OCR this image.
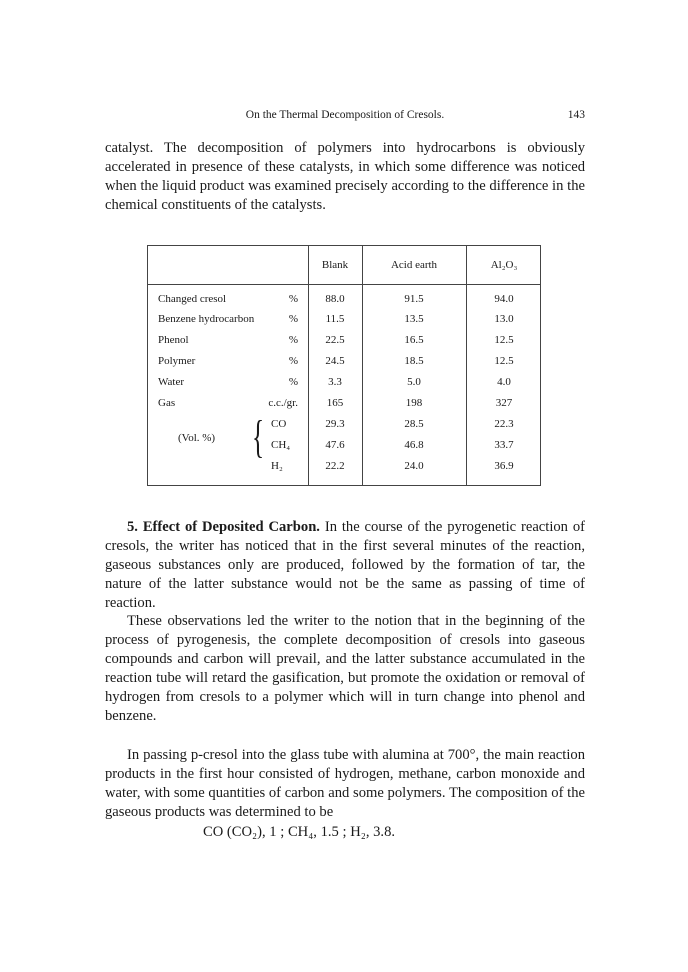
On the Thermal Decomposition of Cresols.	143
catalyst. The decomposition of polymers into hydrocarbons is obviously accelerated in presence of these catalysts, in which some difference was noticed when the liquid product was examined precisely according to the difference in the chemical constituents of the catalysts.
Blank	Acid earth	Al₂O₃
Changed cresol	%	88.0	91.5	94.0
Benzene hydrocarbon	%	11.5	13.5	13.0
Phenol	%	22.5	16.5	12.5
Polymer	%	24.5	18.5	12.5
Water	%	3.3	5.0	4.0
Gas	c.c./gr.	165	198	327
(Vol. %) { CO	29.3	28.5	22.3
CH₄	47.6	46.8	33.7
H₂	22.2	24.0	36.9
5. Effect of Deposited Carbon. In the course of the pyrogenetic reaction of cresols, the writer has noticed that in the first several minutes of the reaction, gaseous substances only are produced, followed by the formation of tar, the nature of the latter substance would not be the same as passing of time of reaction.
These observations led the writer to the notion that in the beginning of the process of pyrogenesis, the complete decomposition of cresols into gaseous compounds and carbon will prevail, and the latter substance accumulated in the reaction tube will retard the gasification, but promote the oxidation or removal of hydrogen from cresols to a polymer which will in turn change into phenol and benzene.
In passing p-cresol into the glass tube with alumina at 700°, the main reaction products in the first hour consisted of hydrogen, methane, carbon monoxide and water, with some quantities of carbon and some polymers. The composition of the gaseous products was determined to be
CO (CO₂), 1 ; CH₄, 1.5 ; H₂, 3.8.
